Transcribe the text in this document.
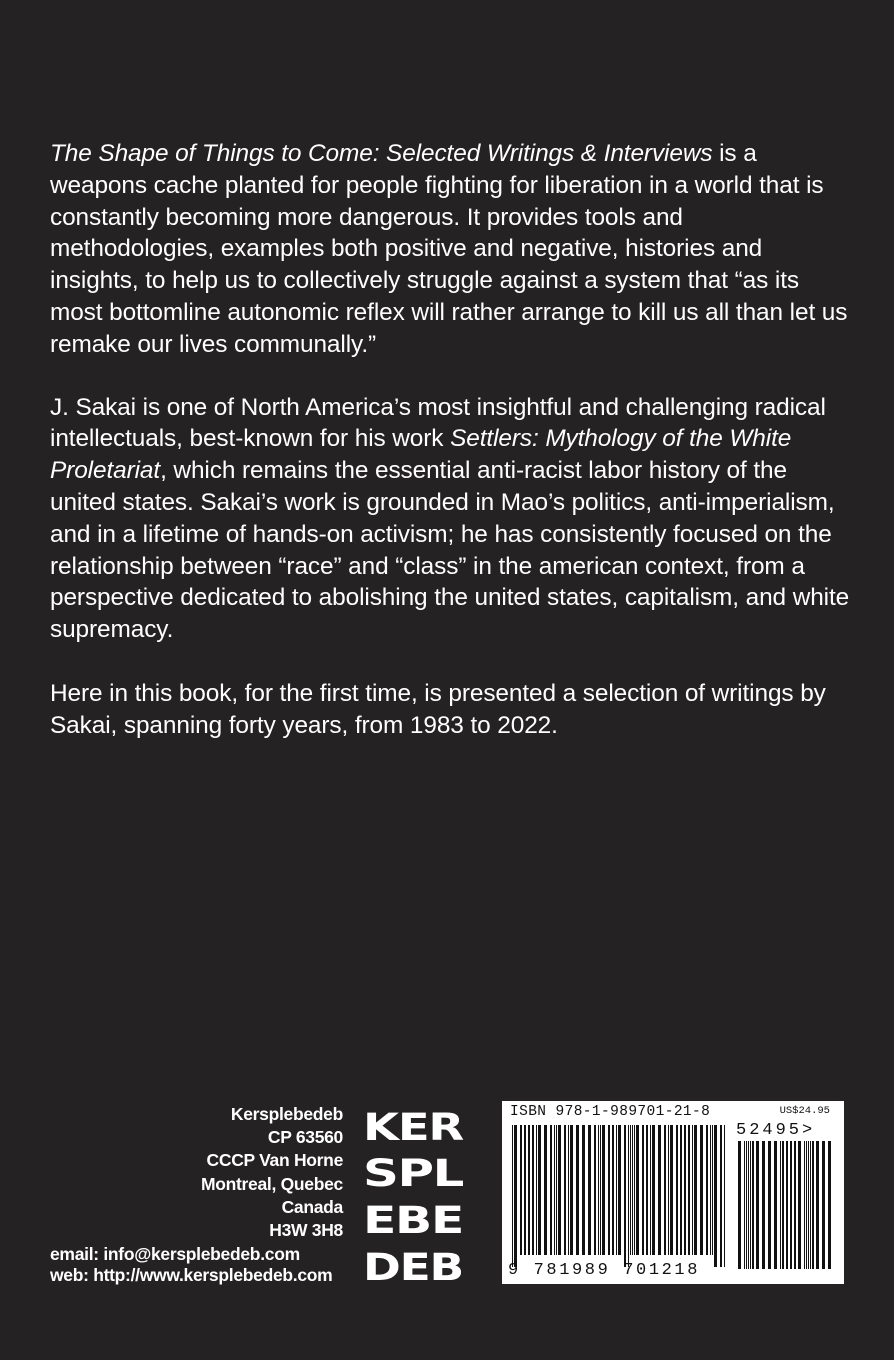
The Shape of Things to Come: Selected Writings & Interviews is a weapons cache planted for people fighting for liberation in a world that is constantly becoming more dangerous. It provides tools and methodologies, examples both positive and negative, histories and insights, to help us to collectively struggle against a system that “as its most bottomline autonomic reflex will rather arrange to kill us all than let us remake our lives communally.”

J. Sakai is one of North America’s most insightful and challenging radical intellectuals, best-known for his work Settlers: Mythology of the White Proletariat, which remains the essential anti-racist labor history of the united states. Sakai’s work is grounded in Mao’s politics, anti-imperialism, and in a lifetime of hands-on activism; he has consistently focused on the relationship between “race” and “class” in the american context, from a perspective dedicated to abolishing the united states, capitalism, and white supremacy.

Here in this book, for the first time, is presented a selection of writings by Sakai, spanning forty years, from 1983 to 2022.

Kersplebedeb
CP 63560
CCCP Van Horne
Montreal, Quebec
Canada
H3W 3H8
email: info@kersplebedeb.com
web: http://www.kersplebedeb.com
KER
SPL
EBE
DEB
ISBN 978-1-989701-21-8	US$24.95
9 781989 701218
52495>
